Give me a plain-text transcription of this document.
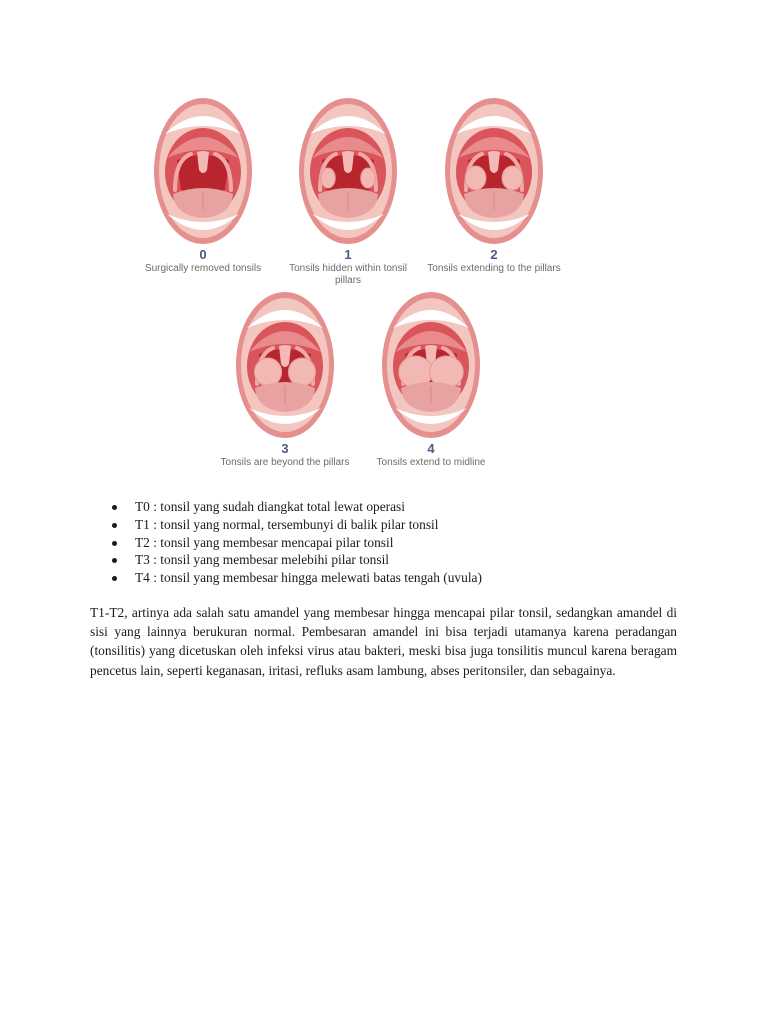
0
Surgically removed tonsils
1
Tonsils hidden within tonsil pillars
2
Tonsils extending to the pillars
3
Tonsils are beyond the pillars
4
Tonsils extend to midline
T0 : tonsil yang sudah diangkat total lewat operasi
T1 : tonsil yang normal, tersembunyi di balik pilar tonsil
T2 : tonsil yang membesar mencapai pilar tonsil
T3 : tonsil yang membesar melebihi pilar tonsil
T4 : tonsil yang membesar hingga melewati batas tengah (uvula)

T1-T2, artinya ada salah satu amandel yang membesar hingga mencapai pilar tonsil, sedangkan amandel di sisi yang lainnya berukuran normal. Pembesaran amandel ini bisa terjadi utamanya karena peradangan (tonsilitis) yang dicetuskan oleh infeksi virus atau bakteri, meski bisa juga tonsilitis muncul karena beragam pencetus lain, seperti keganasan, iritasi, refluks asam lambung, abses peritonsiler, dan sebagainya.
